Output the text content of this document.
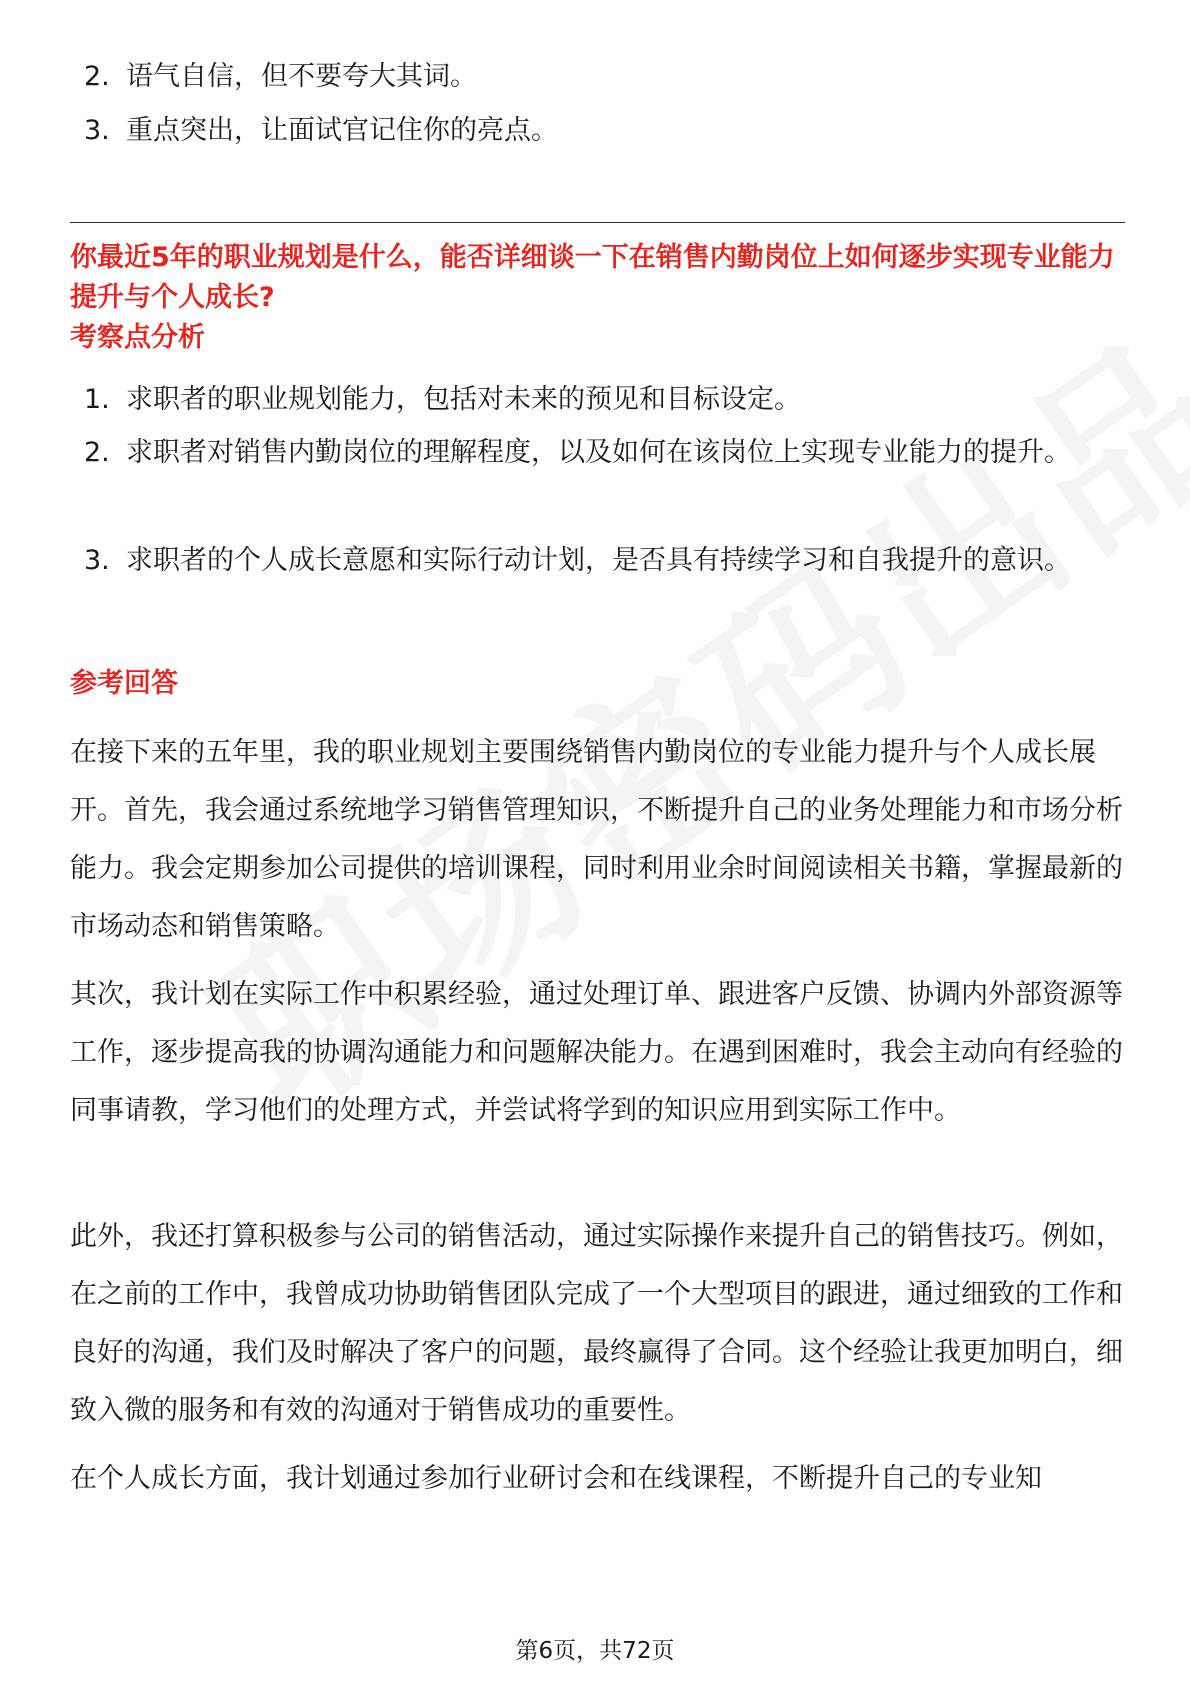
2. 语气自信，但不要夸大其词。
3. 重点突出，让面试官记住你的亮点。
你最近5年的职业规划是什么，能否详细谈一下在销售内勤岗位上如何逐步实现专业能力提升与个人成长?
考察点分析
1. 求职者的职业规划能力，包括对未来的预见和目标设定。
2. 求职者对销售内勤岗位的理解程度，以及如何在该岗位上实现专业能力的提升。
3. 求职者的个人成长意愿和实际行动计划，是否具有持续学习和自我提升的意识。
参考回答

在接下来的五年里，我的职业规划主要围绕销售内勤岗位的专业能力提升与个人成长展开。首先，我会通过系统地学习销售管理知识，不断提升自己的业务处理能力和市场分析能力。我会定期参加公司提供的培训课程，同时利用业余时间阅读相关书籍，掌握最新的市场动态和销售策略。

其次，我计划在实际工作中积累经验，通过处理订单、跟进客户反馈、协调内外部资源等工作，逐步提高我的协调沟通能力和问题解决能力。在遇到困难时，我会主动向有经验的同事请教，学习他们的处理方式，并尝试将学到的知识应用到实际工作中。

此外，我还打算积极参与公司的销售活动，通过实际操作来提升自己的销售技巧。例如，在之前的工作中，我曾成功协助销售团队完成了一个大型项目的跟进，通过细致的工作和良好的沟通，我们及时解决了客户的问题，最终赢得了合同。这个经验让我更加明白，细致入微的服务和有效的沟通对于销售成功的重要性。

在个人成长方面，我计划通过参加行业研讨会和在线课程，不断提升自己的专业知

第6页，共72页
